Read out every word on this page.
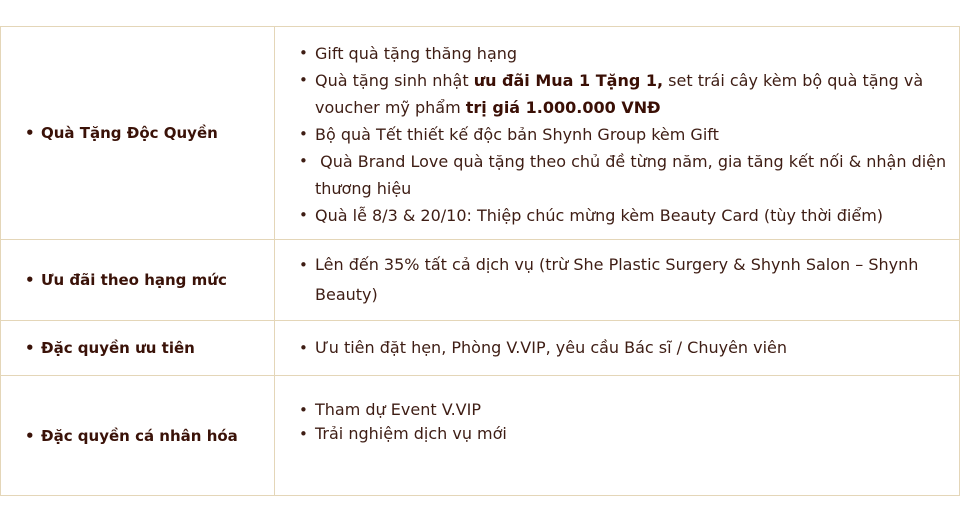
• Quà Tặng Độc Quyền
• Gift quà tặng thăng hạng
• Quà tặng sinh nhật ưu đãi Mua 1 Tặng 1, set trái cây kèm bộ quà tặng và voucher mỹ phẩm trị giá 1.000.000 VNĐ
• Bộ quà Tết thiết kế độc bản Shynh Group kèm Gift
• Quà Brand Love quà tặng theo chủ đề từng năm, gia tăng kết nối & nhận diện thương hiệu
• Quà lễ 8/3 & 20/10: Thiệp chúc mừng kèm Beauty Card (tùy thời điểm)
• Ưu đãi theo hạng mức
• Lên đến 35% tất cả dịch vụ (trừ She Plastic Surgery & Shynh Salon – Shynh Beauty)
• Đặc quyền ưu tiên	• Ưu tiên đặt hẹn, Phòng V.VIP, yêu cầu Bác sĩ / Chuyên viên
• Đặc quyền cá nhân hóa
• Tham dự Event V.VIP
• Trải nghiệm dịch vụ mới
